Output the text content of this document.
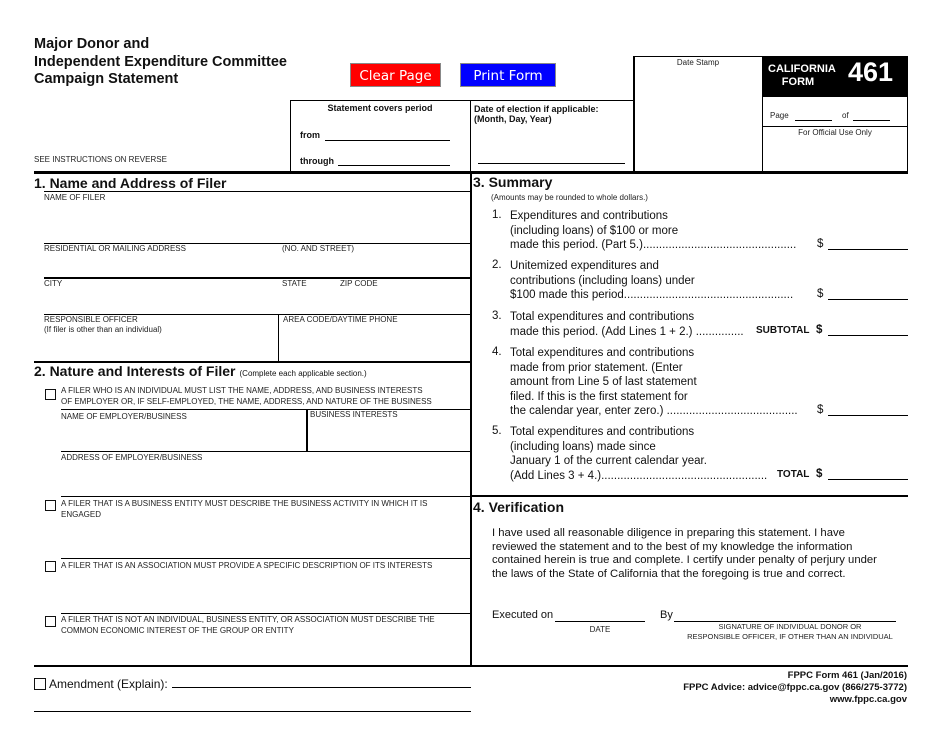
Major Donor and
Independent Expenditure Committee
Campaign Statement	Clear Page	Print Form
SEE INSTRUCTIONS ON REVERSE
Statement covers period
from
through
Date of election if applicable:
(Month, Day, Year)
Date Stamp
CALIFORNIA
FORM	461
Page	of
For Official Use Only
1. Name and Address of Filer
NAME OF FILER
RESIDENTIAL OR MAILING ADDRESS	(NO. AND STREET)
CITY	STATE	ZIP CODE
RESPONSIBLE OFFICER
(If filer is other than an individual)
AREA CODE/DAYTIME PHONE
2. Nature and Interests of Filer (Complete each applicable section.)
A FILER WHO IS AN INDIVIDUAL MUST LIST THE NAME, ADDRESS, AND BUSINESS INTERESTS
OF EMPLOYER OR, IF SELF-EMPLOYED, THE NAME, ADDRESS, AND NATURE OF THE BUSINESS
NAME OF EMPLOYER/BUSINESS	BUSINESS INTERESTS
ADDRESS OF EMPLOYER/BUSINESS
A FILER THAT IS A BUSINESS ENTITY MUST DESCRIBE THE BUSINESS ACTIVITY IN WHICH IT IS
ENGAGED
A FILER THAT IS AN ASSOCIATION MUST PROVIDE A SPECIFIC DESCRIPTION OF ITS INTERESTS
A FILER THAT IS NOT AN INDIVIDUAL, BUSINESS ENTITY, OR ASSOCIATION MUST DESCRIBE THE
COMMON ECONOMIC INTEREST OF THE GROUP OR ENTITY
3. Summary
(Amounts may be rounded to whole dollars.)
1. Expenditures and contributions
(including loans) of $100 or more
made this period. (Part 5.)................................................	$
2. Unitemized expenditures and
contributions (including loans) under
$100 made this period.....................................................	$
3. Total expenditures and contributions
made this period. (Add Lines 1 + 2.) ...............	SUBTOTAL $
4. Total expenditures and contributions
made from prior statement. (Enter
amount from Line 5 of last statement
filed. If this is the first statement for
the calendar year, enter zero.) .........................................	$
5. Total expenditures and contributions
(including loans) made since
January 1 of the current calendar year.
(Add Lines 3 + 4.).................................................... TOTAL $
4. Verification
I have used all reasonable diligence in preparing this statement. I have
reviewed the statement and to the best of my knowledge the information
contained herein is true and complete. I certify under penalty of perjury under
the laws of the State of California that the foregoing is true and correct.
Executed on
DATE
By
SIGNATURE OF INDIVIDUAL DONOR OR
RESPONSIBLE OFFICER, IF OTHER THAN AN INDIVIDUAL
Amendment (Explain):
FPPC Form 461 (Jan/2016)
FPPC Advice: advice@fppc.ca.gov (866/275-3772)
www.fppc.ca.gov
